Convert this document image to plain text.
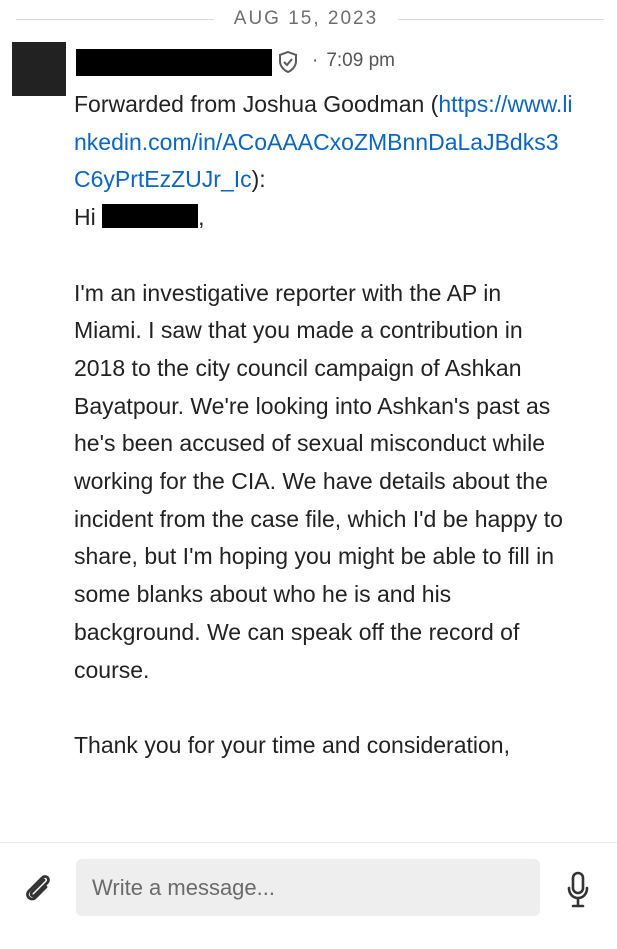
AUG 15, 2023
· 7:09 pm

Forwarded from Joshua Goodman (https://www.linkedin.com/in/ACoAAACxoZMBnnDaLaJBdks3C6yPrtEzZUJr_Ic):

Hi	,

I'm an investigative reporter with the AP in Miami. I saw that you made a contribution in 2018 to the city council campaign of Ashkan Bayatpour. We're looking into Ashkan's past as he's been accused of sexual misconduct while working for the CIA. We have details about the incident from the case file, which I'd be happy to share, but I'm hoping you might be able to fill in some blanks about who he is and his background. We can speak off the record of course.

Thank you for your time and consideration,

Write a message...
